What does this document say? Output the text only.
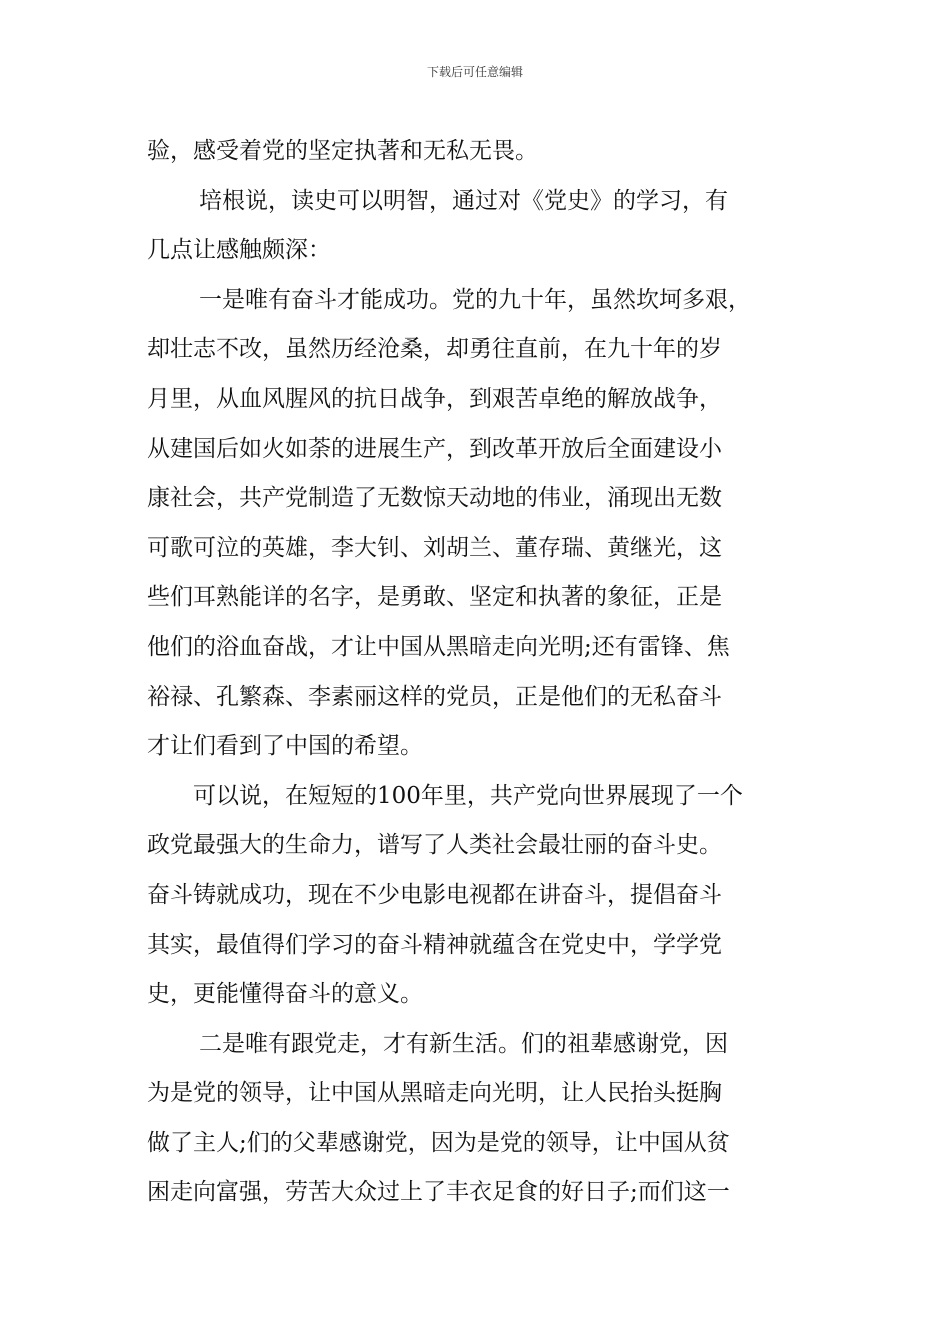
下载后可任意编辑
验，感受着党的坚定执著和无私无畏。
培根说，读史可以明智，通过对《党史》的学习，有
几点让感触颇深：
一是唯有奋斗才能成功。党的九十年，虽然坎坷多艰，
却壮志不改，虽然历经沧桑，却勇往直前，在九十年的岁
月里，从血风腥风的抗日战争，到艰苦卓绝的解放战争，
从建国后如火如荼的进展生产，到改革开放后全面建设小
康社会，共产党制造了无数惊天动地的伟业，涌现出无数
可歌可泣的英雄，李大钊、刘胡兰、董存瑞、黄继光，这
些们耳熟能详的名字，是勇敢、坚定和执著的象征，正是
他们的浴血奋战，才让中国从黑暗走向光明;还有雷锋、焦
裕禄、孔繁森、李素丽这样的党员，正是他们的无私奋斗
才让们看到了中国的希望。
可以说，在短短的100年里，共产党向世界展现了一个
政党最强大的生命力，谱写了人类社会最壮丽的奋斗史。
奋斗铸就成功，现在不少电影电视都在讲奋斗，提倡奋斗
其实，最值得们学习的奋斗精神就蕴含在党史中，学学党
史，更能懂得奋斗的意义。
二是唯有跟党走，才有新生活。们的祖辈感谢党，因
为是党的领导，让中国从黑暗走向光明，让人民抬头挺胸
做了主人;们的父辈感谢党，因为是党的领导，让中国从贫
困走向富强，劳苦大众过上了丰衣足食的好日子;而们这一
